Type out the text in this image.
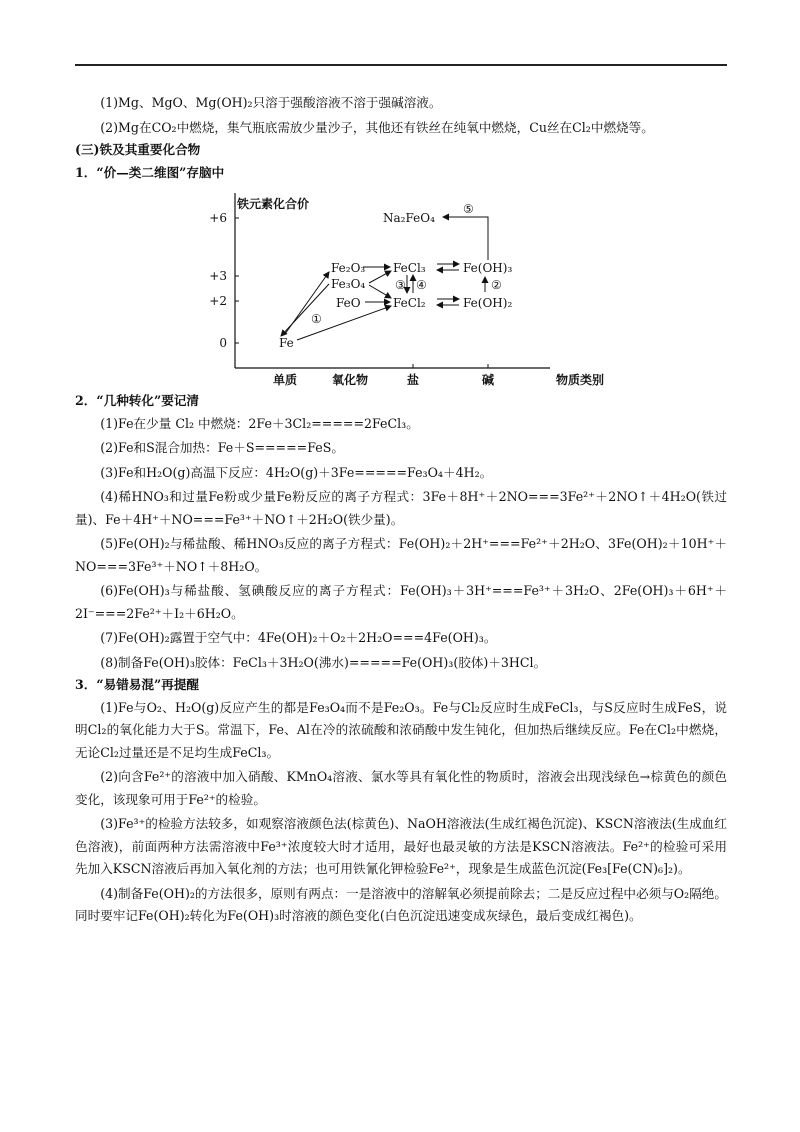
(1)Mg、MgO、Mg(OH)₂只溶于强酸溶液不溶于强碱溶液。

(2)Mg在CO₂中燃烧，集气瓶底需放少量沙子，其他还有铁丝在纯氧中燃烧，Cu丝在Cl₂中燃烧等。

(三)铁及其重要化合物

1．“价—类二维图”存脑中

铁元素化合价
+6
+3
+2
0
单质	氧化物	盐	碱	物质类别
Na₂FeO₄
Fe₂O₃
Fe₃O₄
FeO
Fe
FeCl₃
FeCl₂
Fe(OH)₃
Fe(OH)₂
⑤
③ ④	②
①

2．“几种转化”要记清

(1)Fe在少量 Cl₂ 中燃烧：2Fe＋3Cl₂=====2FeCl₃。

(2)Fe和S混合加热：Fe＋S=====FeS。

(3)Fe和H₂O(g)高温下反应：4H₂O(g)＋3Fe=====Fe₃O₄＋4H₂。

(4)稀HNO₃和过量Fe粉或少量Fe粉反应的离子方程式：3Fe＋8H⁺＋2NO===3Fe²⁺＋2NO↑＋4H₂O(铁过量)、Fe＋4H⁺＋NO===Fe³⁺＋NO↑＋2H₂O(铁少量)。

(5)Fe(OH)₂与稀盐酸、稀HNO₃反应的离子方程式：Fe(OH)₂＋2H⁺===Fe²⁺＋2H₂O、3Fe(OH)₂＋10H⁺＋NO===3Fe³⁺＋NO↑＋8H₂O。

(6)Fe(OH)₃与稀盐酸、氢碘酸反应的离子方程式：Fe(OH)₃＋3H⁺===Fe³⁺＋3H₂O、2Fe(OH)₃＋6H⁺＋2I⁻===2Fe²⁺＋I₂＋6H₂O。

(7)Fe(OH)₂露置于空气中：4Fe(OH)₂＋O₂＋2H₂O===4Fe(OH)₃。

(8)制备Fe(OH)₃胶体：FeCl₃＋3H₂O(沸水)=====Fe(OH)₃(胶体)＋3HCl。

3．“易错易混”再提醒

(1)Fe与O₂、H₂O(g)反应产生的都是Fe₃O₄而不是Fe₂O₃。Fe与Cl₂反应时生成FeCl₃，与S反应时生成FeS，说明Cl₂的氧化能力大于S。常温下，Fe、Al在冷的浓硫酸和浓硝酸中发生钝化，但加热后继续反应。Fe在Cl₂中燃烧，无论Cl₂过量还是不足均生成FeCl₃。

(2)向含Fe²⁺的溶液中加入硝酸、KMnO₄溶液、氯水等具有氧化性的物质时，溶液会出现浅绿色→棕黄色的颜色变化，该现象可用于Fe²⁺的检验。

(3)Fe³⁺的检验方法较多，如观察溶液颜色法(棕黄色)、NaOH溶液法(生成红褐色沉淀)、KSCN溶液法(生成血红色溶液)，前面两种方法需溶液中Fe³⁺浓度较大时才适用，最好也最灵敏的方法是KSCN溶液法。Fe²⁺的检验可采用先加入KSCN溶液后再加入氧化剂的方法；也可用铁氰化钾检验Fe²⁺，现象是生成蓝色沉淀(Fe₃[Fe(CN)₆]₂)。

(4)制备Fe(OH)₂的方法很多，原则有两点：一是溶液中的溶解氧必须提前除去；二是反应过程中必须与O₂隔绝。同时要牢记Fe(OH)₂转化为Fe(OH)₃时溶液的颜色变化(白色沉淀迅速变成灰绿色，最后变成红褐色)。
